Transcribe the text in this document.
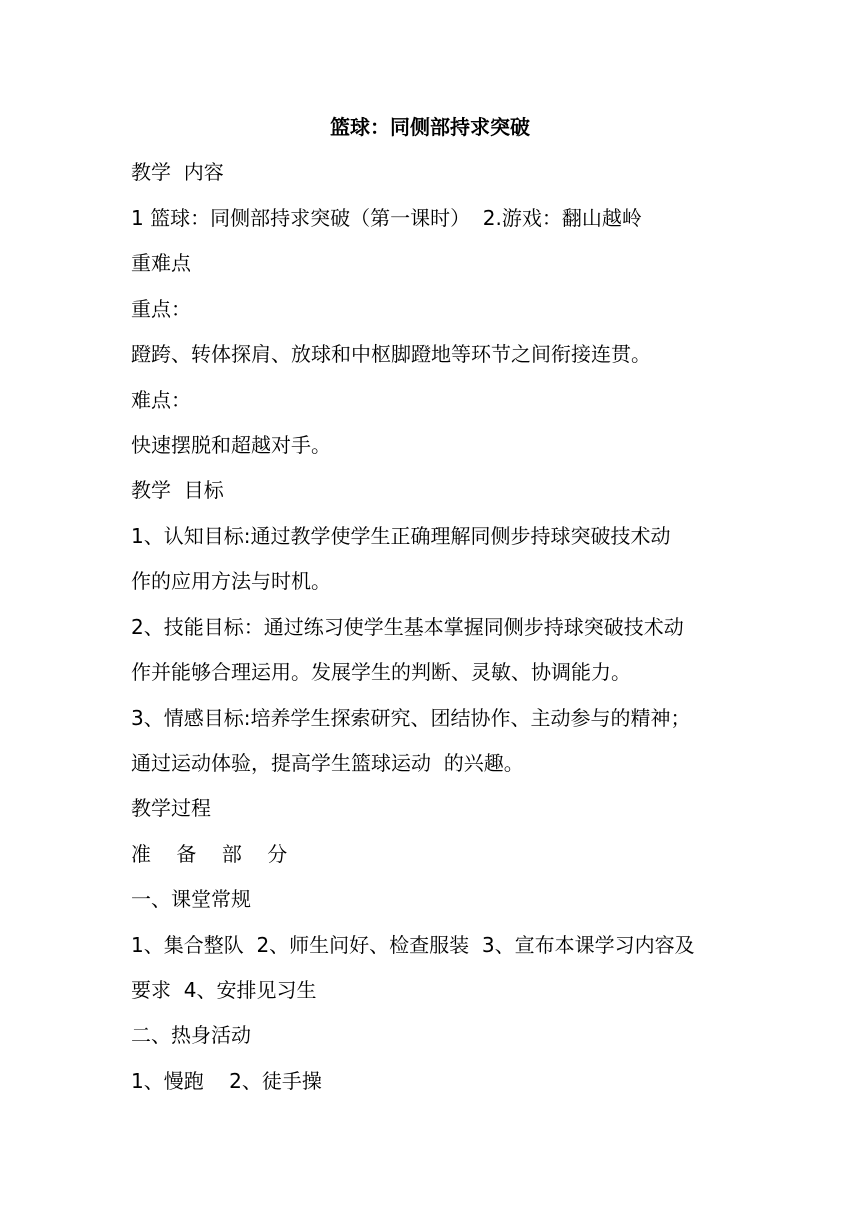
篮球：同侧部持求突破
教学  内容
1 篮球：同侧部持求突破（第一课时）  2.游戏：翻山越岭
重难点
重点：
蹬跨、转体探肩、放球和中枢脚蹬地等环节之间衔接连贯。
难点：
快速摆脱和超越对手。
教学  目标
1、认知目标:通过教学使学生正确理解同侧步持球突破技术动
作的应用方法与时机。
2、技能目标：通过练习使学生基本掌握同侧步持球突破技术动
作并能够合理运用。发展学生的判断、灵敏、协调能力。
3、情感目标:培养学生探索研究、团结协作、主动参与的精神；
通过运动体验，提高学生篮球运动  的兴趣。
教学过程
准    备    部    分
一、课堂常规
1、集合整队  2、师生问好、检查服装  3、宣布本课学习内容及
要求  4、安排见习生
二、热身活动
1、慢跑    2、徒手操
